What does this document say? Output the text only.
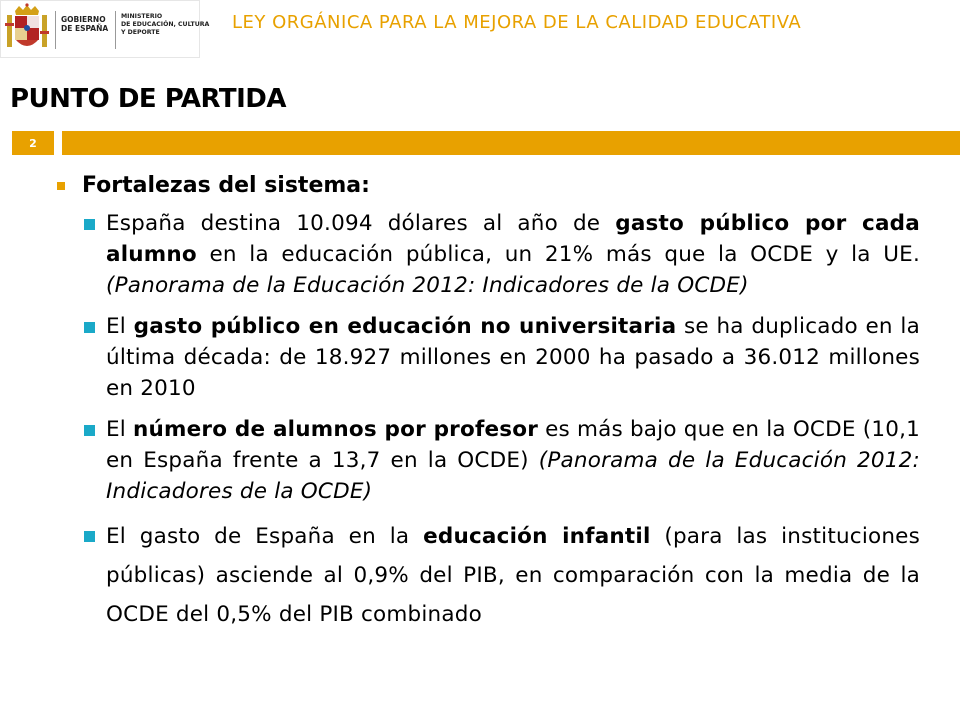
GOBIERNO
DE ESPAÑA
MINISTERIO
DE EDUCACIÓN, CULTURA
Y DEPORTE	LEY ORGÁNICA PARA LA MEJORA DE LA CALIDAD EDUCATIVA
PUNTO DE PARTIDA
2
Fortalezas del sistema:
España destina 10.094 dólares al año de gasto público por cada alumno en la educación pública, un 21% más que la OCDE y la UE. (Panorama de la Educación 2012: Indicadores de la OCDE)
El gasto público en educación no universitaria se ha duplicado en la última década: de 18.927 millones en 2000 ha pasado a 36.012 millones en 2010
El número de alumnos por profesor es más bajo que en la OCDE (10,1 en España frente a 13,7 en la OCDE) (Panorama de la Educación 2012: Indicadores de la OCDE)
El gasto de España en la educación infantil (para las instituciones públicas) asciende al 0,9% del PIB, en comparación con la media de la OCDE del 0,5% del PIB combinado
